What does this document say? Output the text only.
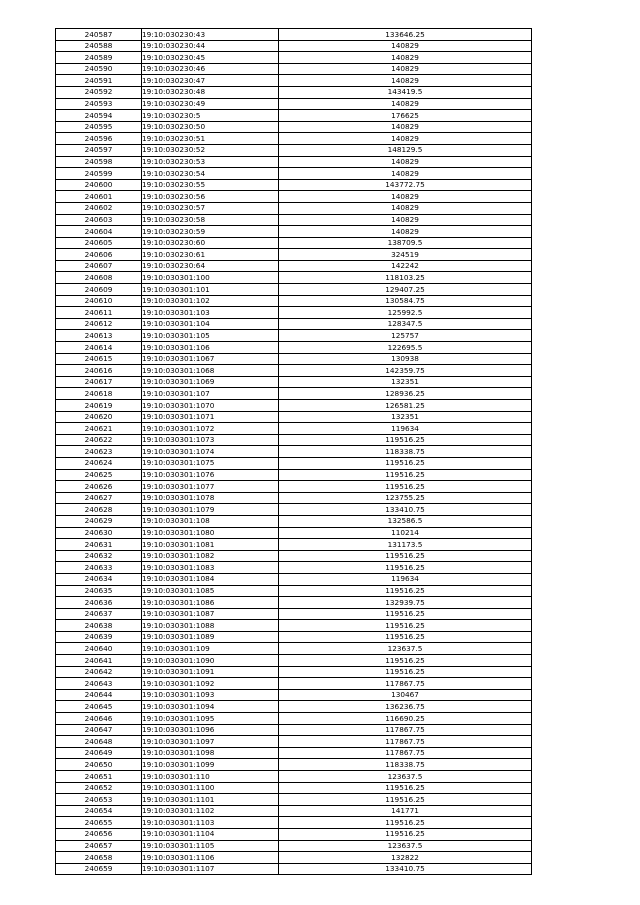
240587	19:10:030230:43	133646.25
240588	19:10:030230:44	140829
240589	19:10:030230:45	140829
240590	19:10:030230:46	140829
240591	19:10:030230:47	140829
240592	19:10:030230:48	143419.5
240593	19:10:030230:49	140829
240594	19:10:030230:5	176625
240595	19:10:030230:50	140829
240596	19:10:030230:51	140829
240597	19:10:030230:52	148129.5
240598	19:10:030230:53	140829
240599	19:10:030230:54	140829
240600	19:10:030230:55	143772.75
240601	19:10:030230:56	140829
240602	19:10:030230:57	140829
240603	19:10:030230:58	140829
240604	19:10:030230:59	140829
240605	19:10:030230:60	138709.5
240606	19:10:030230:61	324519
240607	19:10:030230:64	142242
240608	19:10:030301:100	118103.25
240609	19:10:030301:101	129407.25
240610	19:10:030301:102	130584.75
240611	19:10:030301:103	125992.5
240612	19:10:030301:104	128347.5
240613	19:10:030301:105	125757
240614	19:10:030301:106	122695.5
240615	19:10:030301:1067	130938
240616	19:10:030301:1068	142359.75
240617	19:10:030301:1069	132351
240618	19:10:030301:107	128936.25
240619	19:10:030301:1070	126581.25
240620	19:10:030301:1071	132351
240621	19:10:030301:1072	119634
240622	19:10:030301:1073	119516.25
240623	19:10:030301:1074	118338.75
240624	19:10:030301:1075	119516.25
240625	19:10:030301:1076	119516.25
240626	19:10:030301:1077	119516.25
240627	19:10:030301:1078	123755.25
240628	19:10:030301:1079	133410.75
240629	19:10:030301:108	132586.5
240630	19:10:030301:1080	110214
240631	19:10:030301:1081	131173.5
240632	19:10:030301:1082	119516.25
240633	19:10:030301:1083	119516.25
240634	19:10:030301:1084	119634
240635	19:10:030301:1085	119516.25
240636	19:10:030301:1086	132939.75
240637	19:10:030301:1087	119516.25
240638	19:10:030301:1088	119516.25
240639	19:10:030301:1089	119516.25
240640	19:10:030301:109	123637.5
240641	19:10:030301:1090	119516.25
240642	19:10:030301:1091	119516.25
240643	19:10:030301:1092	117867.75
240644	19:10:030301:1093	130467
240645	19:10:030301:1094	136236.75
240646	19:10:030301:1095	116690.25
240647	19:10:030301:1096	117867.75
240648	19:10:030301:1097	117867.75
240649	19:10:030301:1098	117867.75
240650	19:10:030301:1099	118338.75
240651	19:10:030301:110	123637.5
240652	19:10:030301:1100	119516.25
240653	19:10:030301:1101	119516.25
240654	19:10:030301:1102	141771
240655	19:10:030301:1103	119516.25
240656	19:10:030301:1104	119516.25
240657	19:10:030301:1105	123637.5
240658	19:10:030301:1106	132822
240659	19:10:030301:1107	133410.75
